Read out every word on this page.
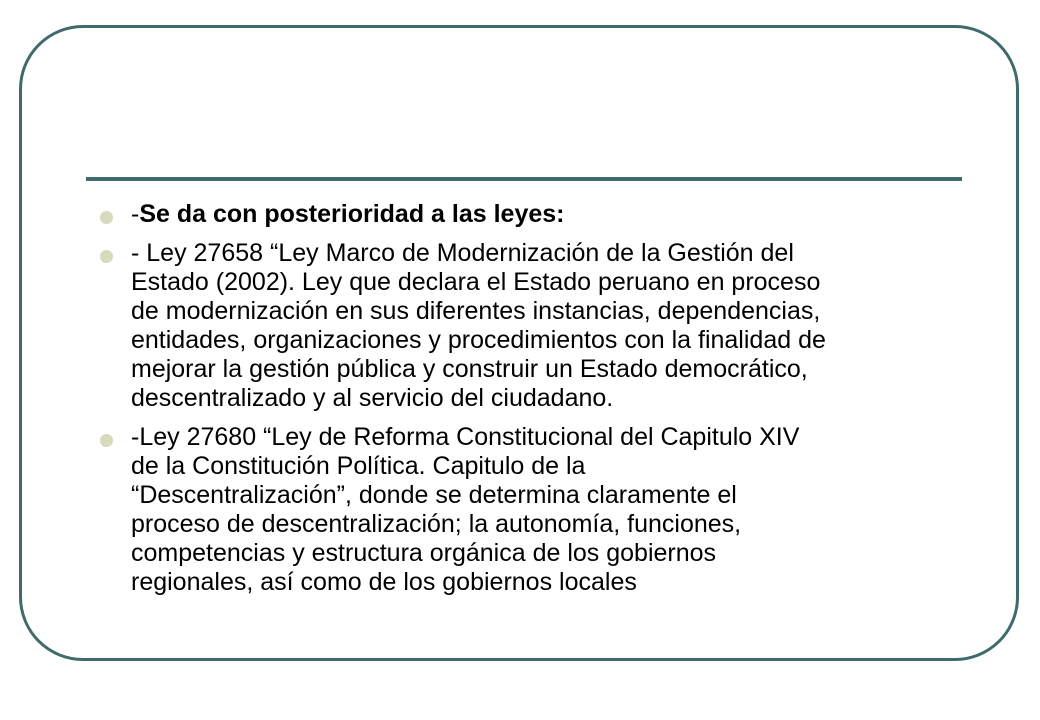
-Se da con posterioridad a las leyes:
- Ley 27658 “Ley Marco de Modernización de la Gestión del
Estado (2002). Ley que declara el Estado peruano en proceso
de modernización en sus diferentes instancias, dependencias,
entidades, organizaciones y procedimientos con la finalidad de
mejorar la gestión pública y construir un Estado democrático,
descentralizado y al servicio del ciudadano.
-Ley 27680 “Ley de Reforma Constitucional del Capitulo XIV
de la Constitución Política. Capitulo de la
“Descentralización”, donde se determina claramente el
proceso de descentralización; la autonomía, funciones,
competencias y estructura orgánica de los gobiernos
regionales, así como de los gobiernos locales
